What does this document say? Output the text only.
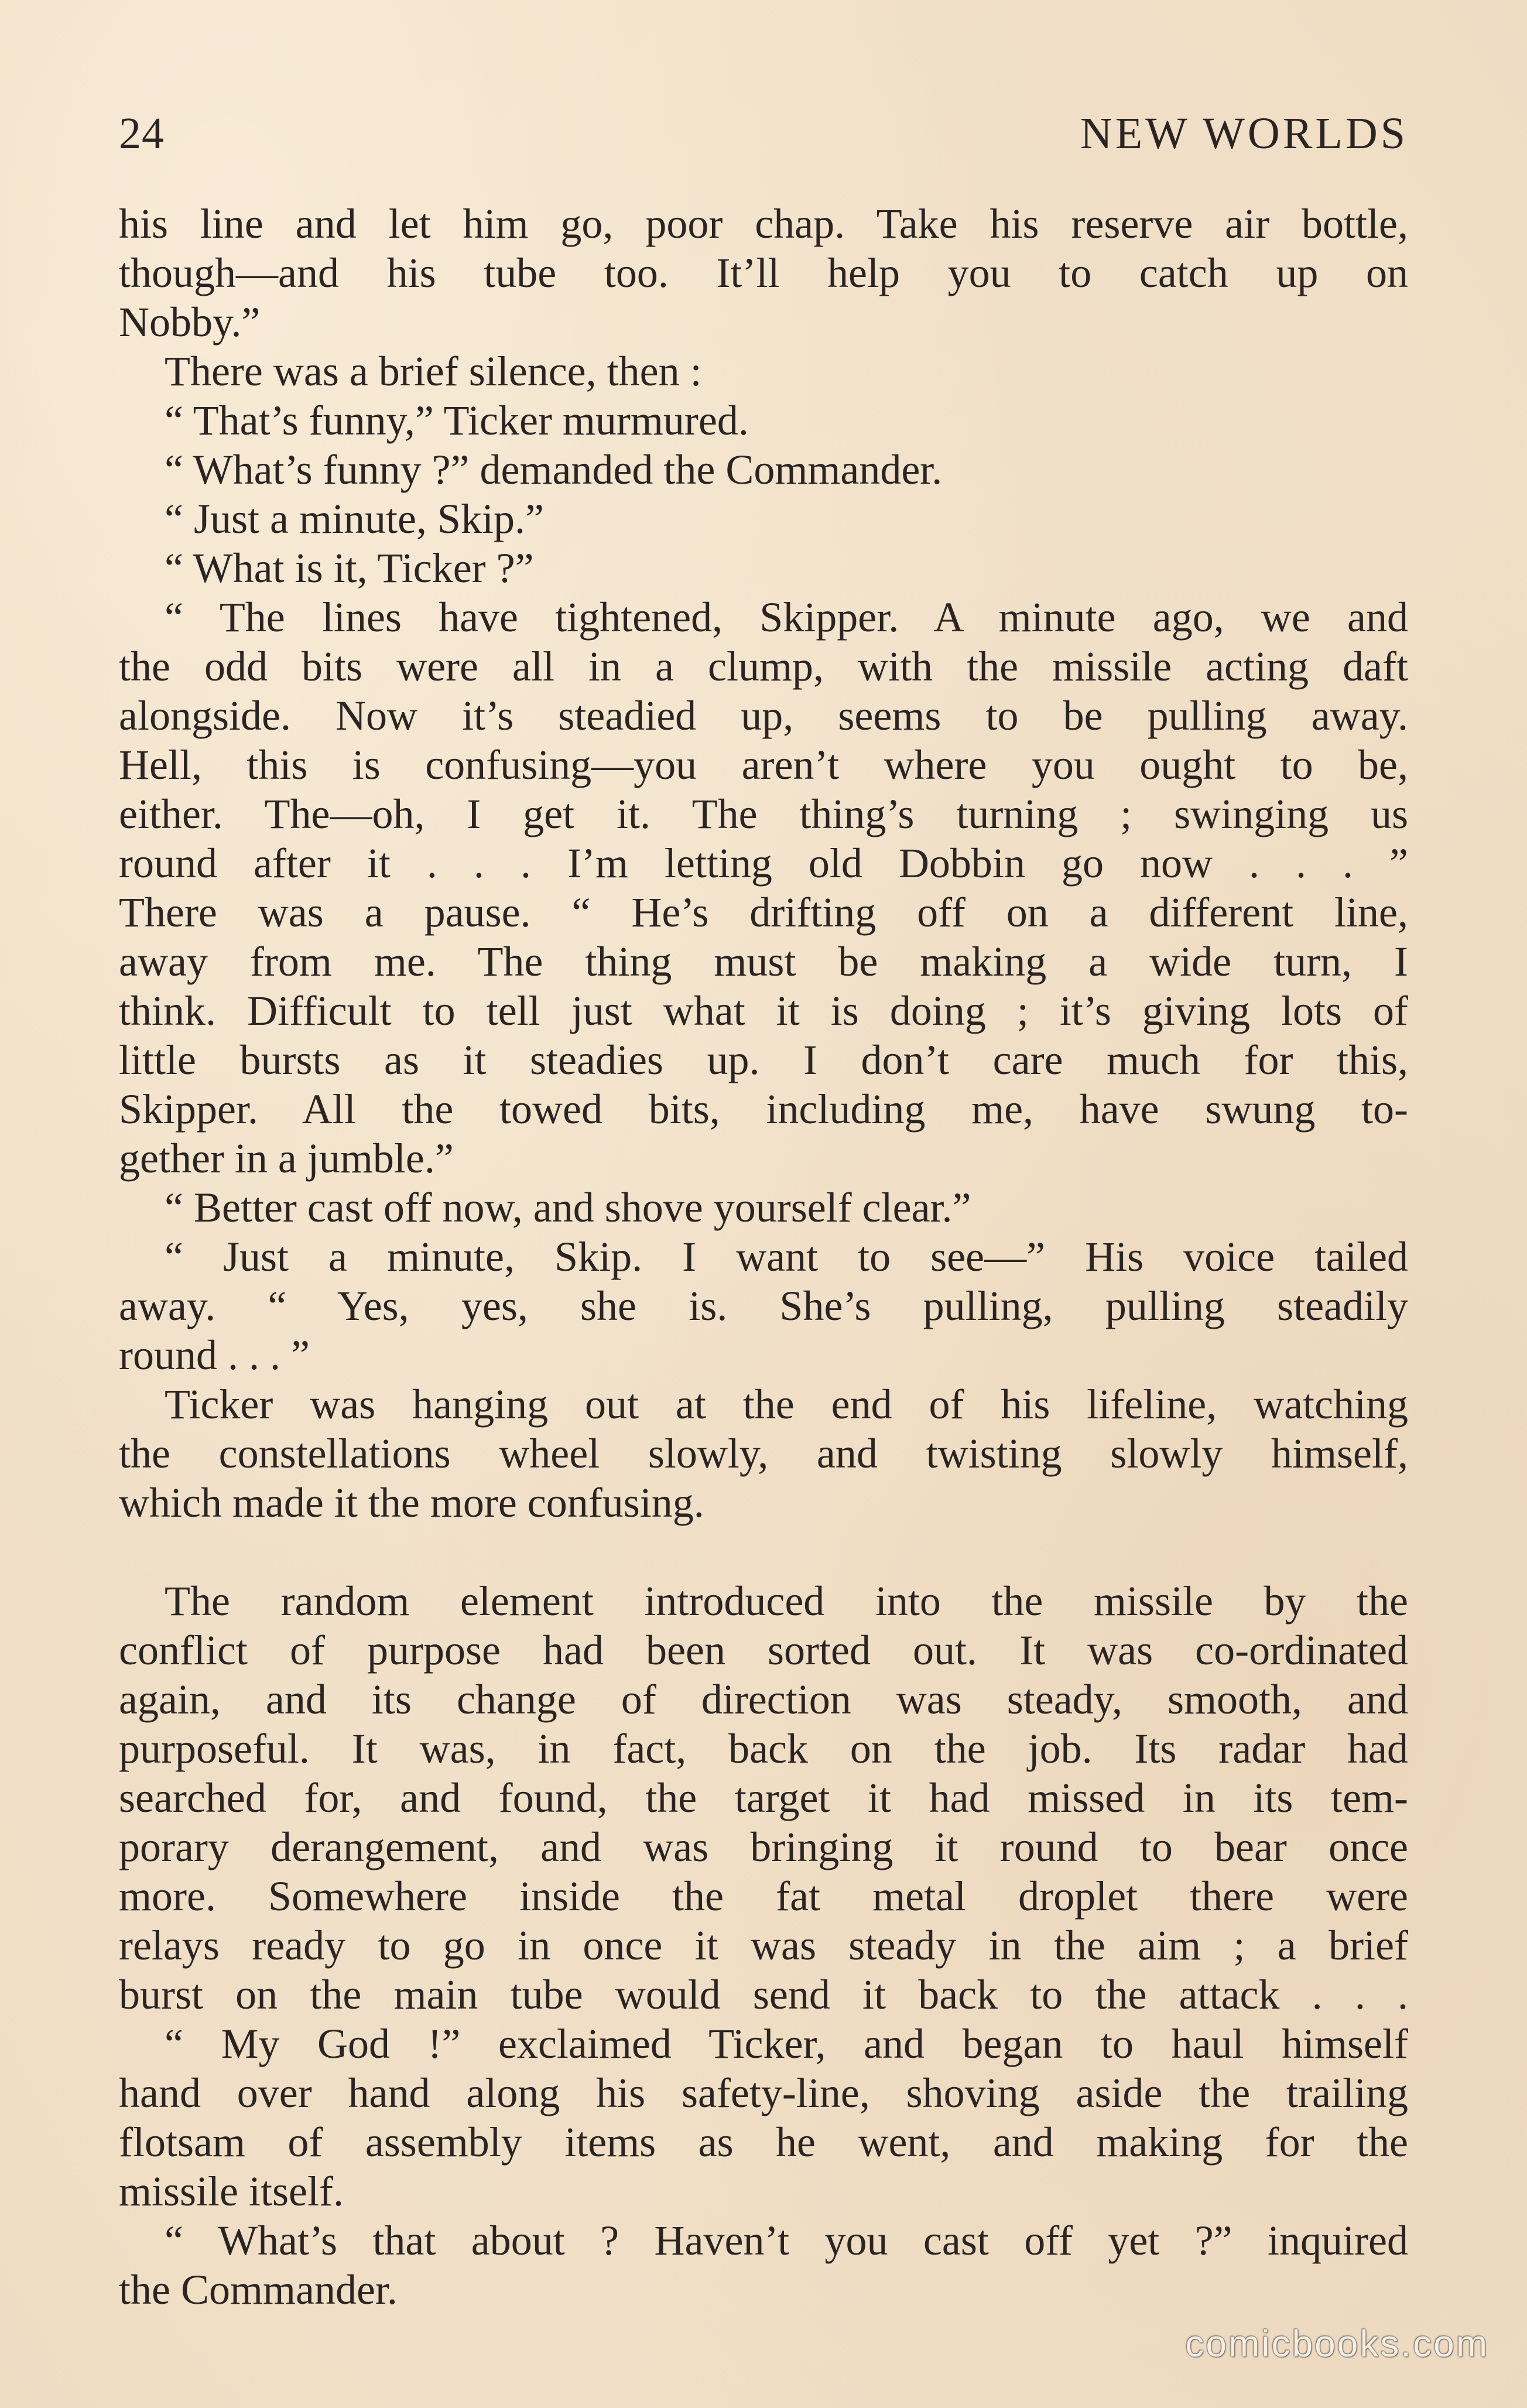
24	NEW WORLDS
his line and let him go, poor chap. Take his reserve air bottle,
though—and his tube too. It’ll help you to catch up on
Nobby.”
There was a brief silence, then :
“ That’s funny,” Ticker murmured.
“ What’s funny ?” demanded the Commander.
“ Just a minute, Skip.”
“ What is it, Ticker ?”
“ The lines have tightened, Skipper. A minute ago, we and
the odd bits were all in a clump, with the missile acting daft
alongside. Now it’s steadied up, seems to be pulling away.
Hell, this is confusing—you aren’t where you ought to be,
either. The—oh, I get it. The thing’s turning ; swinging us
round after it . . . I’m letting old Dobbin go now . . . ”
There was a pause. “ He’s drifting off on a different line,
away from me. The thing must be making a wide turn, I
think. Difficult to tell just what it is doing ; it’s giving lots of
little bursts as it steadies up. I don’t care much for this,
Skipper. All the towed bits, including me, have swung to-
gether in a jumble.”
“ Better cast off now, and shove yourself clear.”
“ Just a minute, Skip. I want to see—” His voice tailed
away. “ Yes, yes, she is. She’s pulling, pulling steadily
round . . . ”
Ticker was hanging out at the end of his lifeline, watching
the constellations wheel slowly, and twisting slowly himself,
which made it the more confusing.
The random element introduced into the missile by the
conflict of purpose had been sorted out. It was co-ordinated
again, and its change of direction was steady, smooth, and
purposeful. It was, in fact, back on the job. Its radar had
searched for, and found, the target it had missed in its tem-
porary derangement, and was bringing it round to bear once
more. Somewhere inside the fat metal droplet there were
relays ready to go in once it was steady in the aim ; a brief
burst on the main tube would send it back to the attack . . .
“ My God !” exclaimed Ticker, and began to haul himself
hand over hand along his safety-line, shoving aside the trailing
flotsam of assembly items as he went, and making for the
missile itself.
“ What’s that about ? Haven’t you cast off yet ?” inquired
the Commander.
comicbooks.com
